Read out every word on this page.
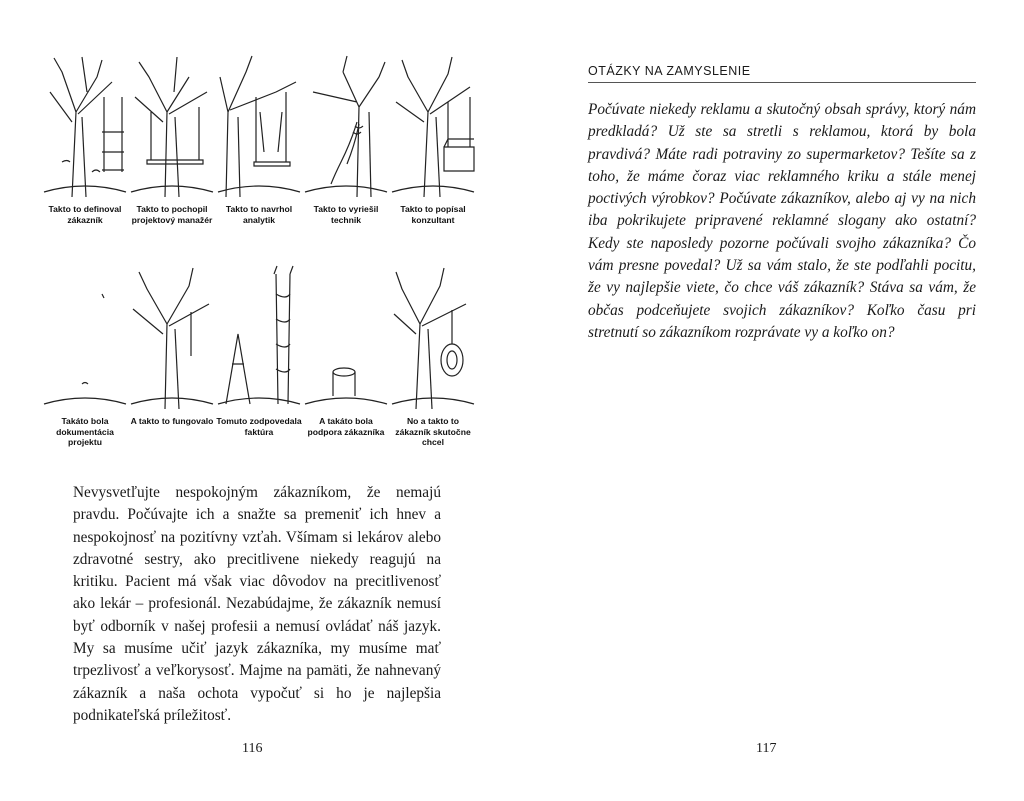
Takto to definoval zákazník
Takto to pochopil projektový manažér
Takto to navrhol analytik
Takto to vyriešil technik
Takto to popísal konzultant
Takáto bola dokumentácia projektu
A takto to fungovalo Tomuto zodpovedala faktúra
A takáto bola podpora zákazníka
No a takto to zákazník skutočne chcel

Nevysvetľujte nespokojným zákazníkom, že nemajú pravdu. Počúvajte ich a snažte sa premeniť ich hnev a nespokojnosť na pozitívny vzťah. Všímam si lekárov alebo zdravotné sestry, ako precitlivene niekedy reagujú na kritiku. Pacient má však viac dôvodov na precitlivenosť ako lekár – profesionál. Nezabúdajme, že zákazník nemusí byť odborník v našej profesii a nemusí ovládať náš jazyk. My sa musíme učiť jazyk zákazníka, my musíme mať trpezlivosť a veľkorysosť. Majme na pamäti, že nahnevaný zákazník a naša ochota vypočuť si ho je najlepšia podnikateľská príležitosť.

116
OTÁZKY NA ZAMYSLENIE

Počúvate niekedy reklamu a skutočný obsah správy, ktorý nám predkladá? Už ste sa stretli s reklamou, ktorá by bola pravdivá? Máte radi potraviny zo supermarketov? Tešíte sa z toho, že máme čoraz viac reklamného kriku a stále menej poctivých výrobkov? Počúvate zákazníkov, alebo aj vy na nich iba pokrikujete pripravené reklamné slogany ako ostatní? Kedy ste naposledy pozorne počúvali svojho zákazníka? Čo vám presne povedal? Už sa vám stalo, že ste podľahli pocitu, že vy najlepšie viete, čo chce váš zákazník? Stáva sa vám, že občas podceňujete svojich zákazníkov? Koľko času pri stretnutí so zákazníkom rozprávate vy a koľko on?

117
